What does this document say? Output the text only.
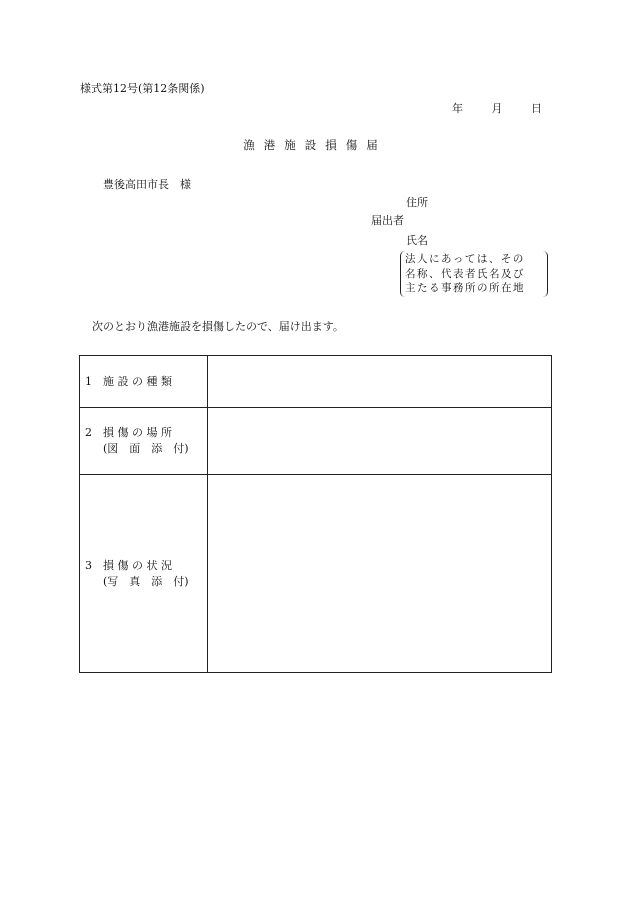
様式第12号(第12条関係)
年	月	日
漁港施設損傷届
豊後高田市長　様
住所
届出者
氏名
法人にあっては、その
名称、代表者氏名及び
主たる事務所の所在地
次のとおり漁港施設を損傷したので、届け出ます。
1　施 設 の 種 類	
2　損 傷 の 場 所
(図　面　添　付)	

3　損 傷 の 状 況
(写　真　添　付)	
